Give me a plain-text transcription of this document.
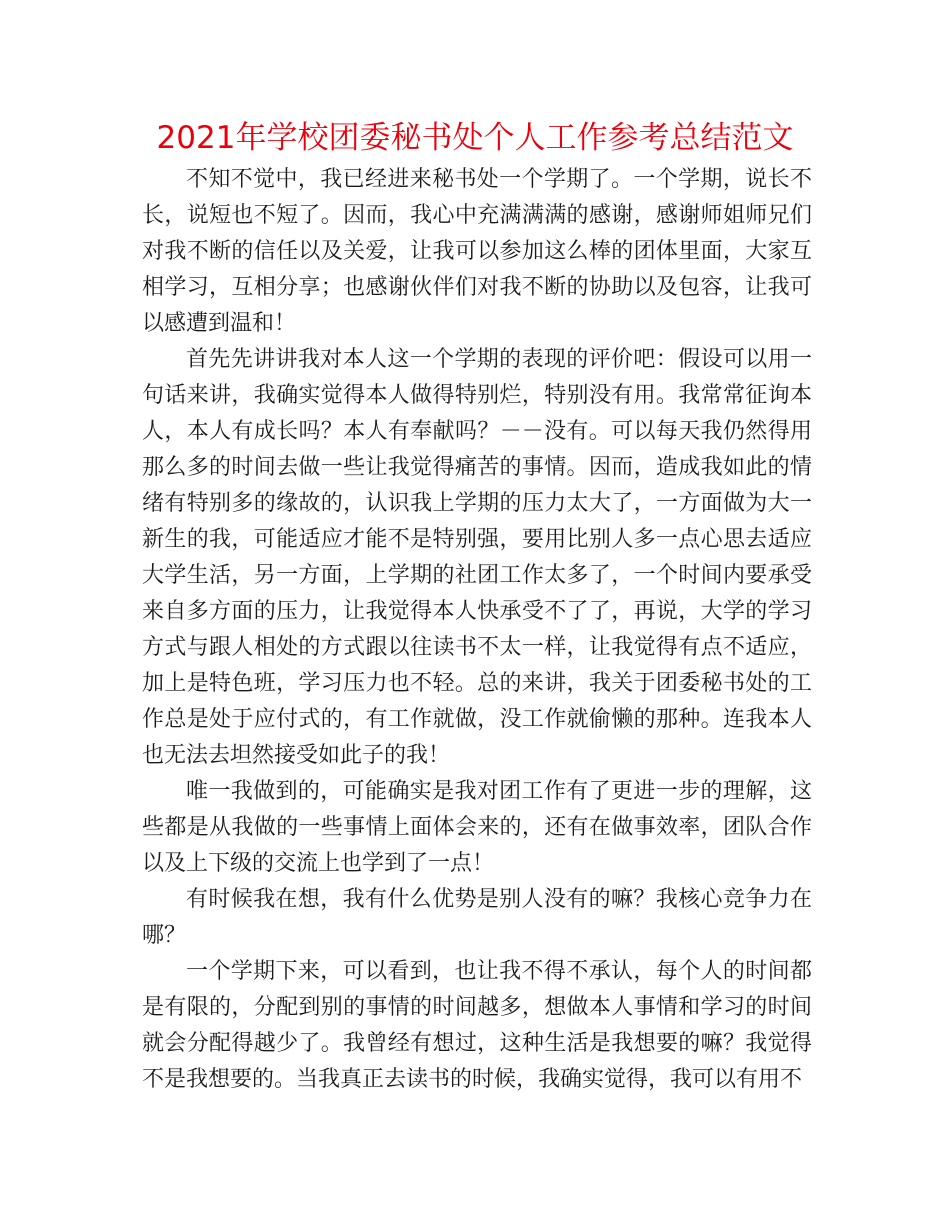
2021年学校团委秘书处个人工作参考总结范文

不知不觉中，我已经进来秘书处一个学期了。一个学期，说长不长，说短也不短了。因而，我心中充满满满的感谢，感谢师姐师兄们对我不断的信任以及关爱，让我可以参加这么棒的团体里面，大家互相学习，互相分享；也感谢伙伴们对我不断的协助以及包容，让我可以感遭到温和！

首先先讲讲我对本人这一个学期的表现的评价吧：假设可以用一句话来讲，我确实觉得本人做得特别烂，特别没有用。我常常征询本人，本人有成长吗？本人有奉献吗？－－没有。可以每天我仍然得用那么多的时间去做一些让我觉得痛苦的事情。因而，造成我如此的情绪有特别多的缘故的，认识我上学期的压力太大了，一方面做为大一新生的我，可能适应才能不是特别强，要用比别人多一点心思去适应大学生活，另一方面，上学期的社团工作太多了，一个时间内要承受来自多方面的压力，让我觉得本人快承受不了了，再说，大学的学习方式与跟人相处的方式跟以往读书不太一样，让我觉得有点不适应，加上是特色班，学习压力也不轻。总的来讲，我关于团委秘书处的工作总是处于应付式的，有工作就做，没工作就偷懒的那种。连我本人也无法去坦然接受如此子的我！

唯一我做到的，可能确实是我对团工作有了更进一步的理解，这些都是从我做的一些事情上面体会来的，还有在做事效率，团队合作以及上下级的交流上也学到了一点！

有时候我在想，我有什么优势是别人没有的嘛？我核心竞争力在哪？

一个学期下来，可以看到，也让我不得不承认，每个人的时间都是有限的，分配到别的事情的时间越多，想做本人事情和学习的时间就会分配得越少了。我曾经有想过，这种生活是我想要的嘛？我觉得不是我想要的。当我真正去读书的时候，我确实觉得，我可以有用不
